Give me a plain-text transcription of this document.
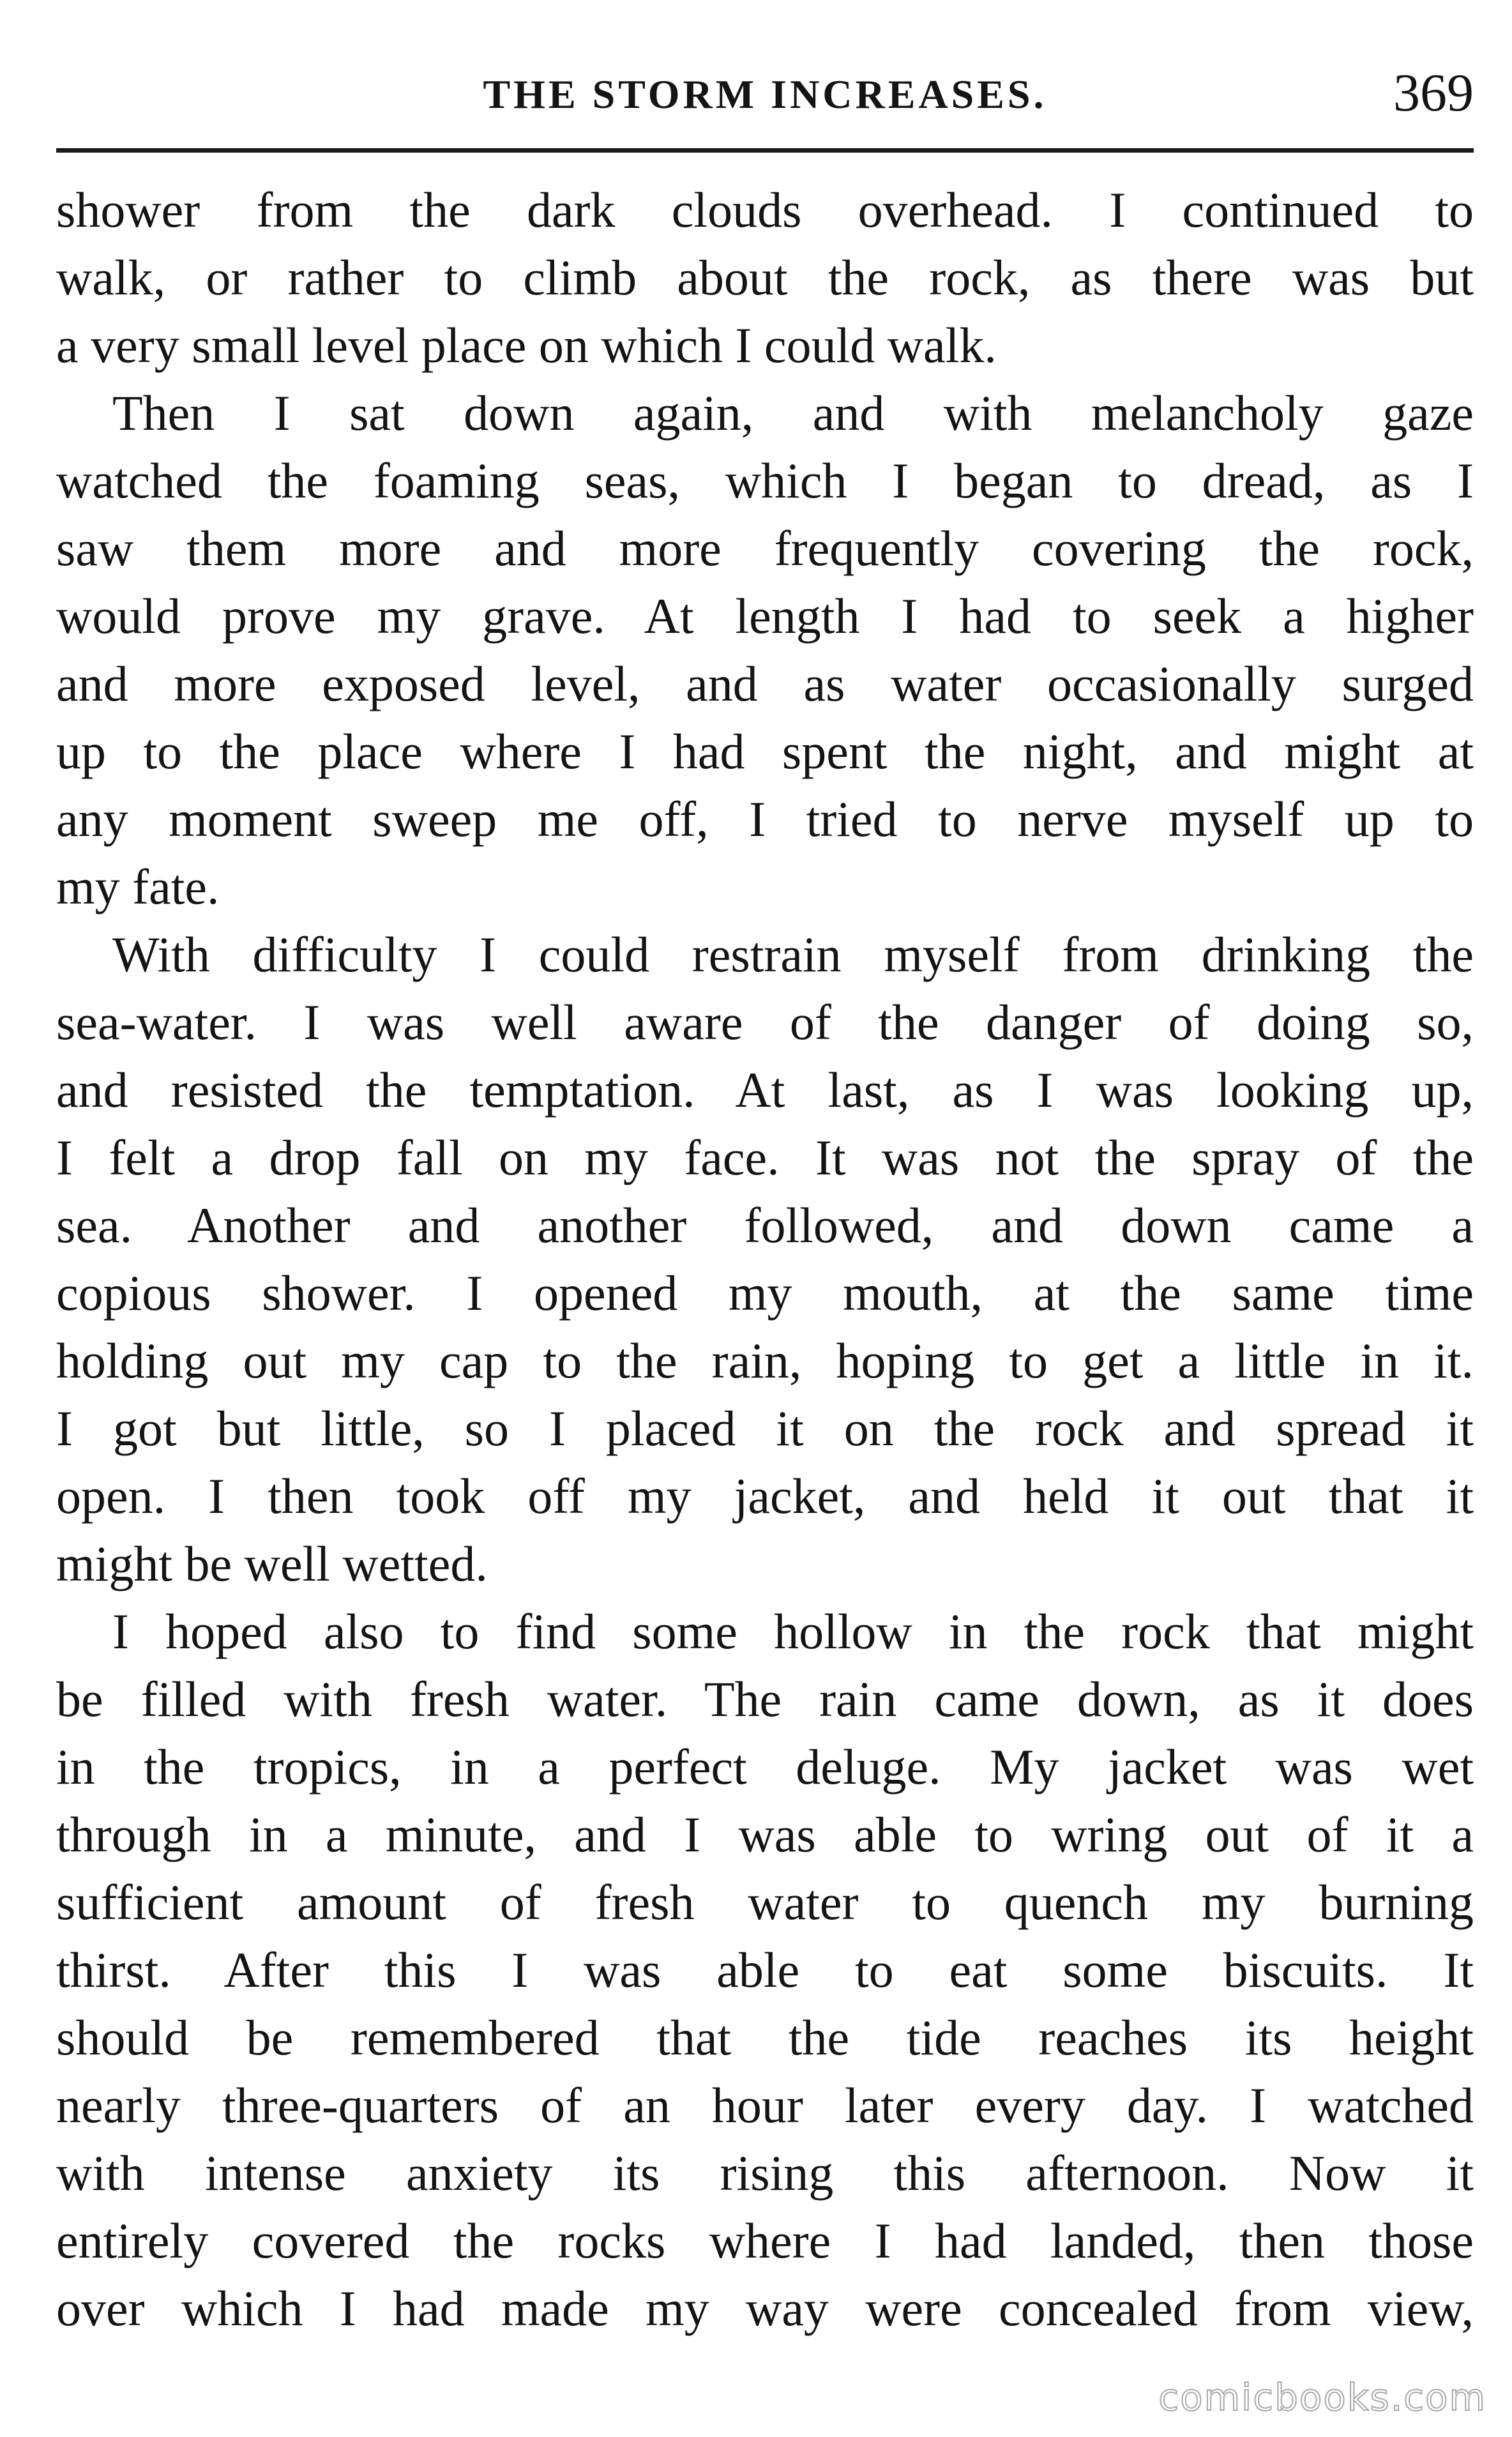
THE STORM INCREASES.	369
shower from the dark clouds overhead. I continued to
walk, or rather to climb about the rock, as there was but
a very small level place on which I could walk.
Then I sat down again, and with melancholy gaze
watched the foaming seas, which I began to dread, as I
saw them more and more frequently covering the rock,
would prove my grave. At length I had to seek a higher
and more exposed level, and as water occasionally surged
up to the place where I had spent the night, and might at
any moment sweep me off, I tried to nerve myself up to
my fate.
With difficulty I could restrain myself from drinking the
sea-water. I was well aware of the danger of doing so,
and resisted the temptation. At last, as I was looking up,
I felt a drop fall on my face. It was not the spray of the
sea. Another and another followed, and down came a
copious shower. I opened my mouth, at the same time
holding out my cap to the rain, hoping to get a little in it.
I got but little, so I placed it on the rock and spread it
open. I then took off my jacket, and held it out that it
might be well wetted.
I hoped also to find some hollow in the rock that might
be filled with fresh water. The rain came down, as it does
in the tropics, in a perfect deluge. My jacket was wet
through in a minute, and I was able to wring out of it a
sufficient amount of fresh water to quench my burning
thirst. After this I was able to eat some biscuits. It
should be remembered that the tide reaches its height
nearly three-quarters of an hour later every day. I watched
with intense anxiety its rising this afternoon. Now it
entirely covered the rocks where I had landed, then those
over which I had made my way were concealed from view,
comicbooks.com
